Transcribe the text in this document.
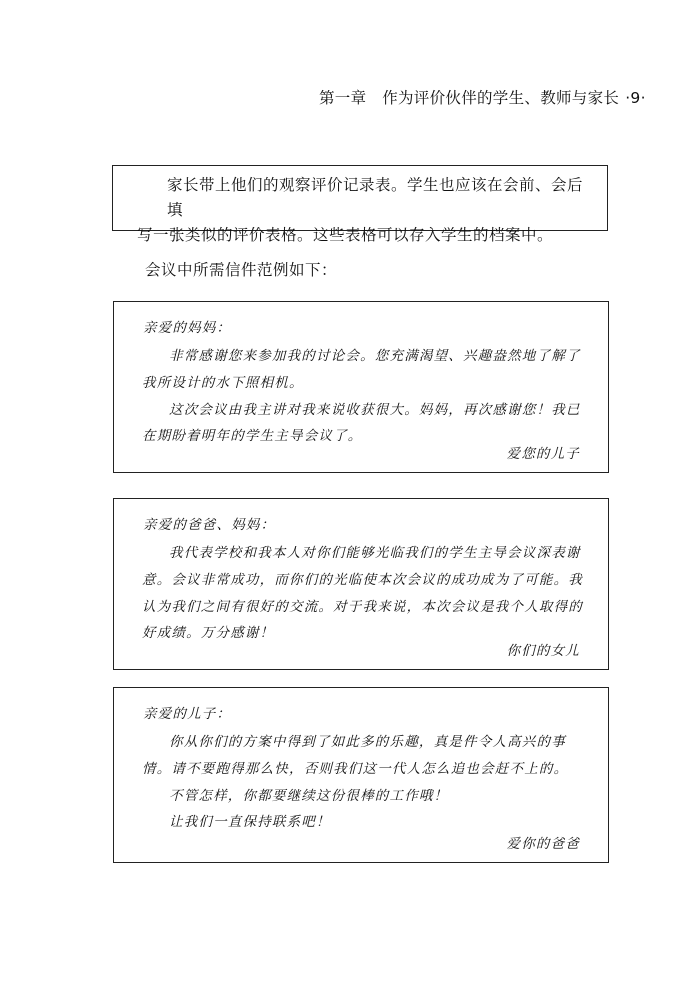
第一章　作为评价伙伴的学生、教师与家长 ·9·

家长带上他们的观察评价记录表。学生也应该在会前、会后填

写一张类似的评价表格。这些表格可以存入学生的档案中。

会议中所需信件范例如下：
亲爱的妈妈：

非常感谢您来参加我的讨论会。您充满渴望、兴趣盎然地了解了我所设计的水下照相机。

这次会议由我主讲对我来说收获很大。妈妈，再次感谢您！我已在期盼着明年的学生主导会议了。

爱您的儿子
亲爱的爸爸、妈妈：

我代表学校和我本人对你们能够光临我们的学生主导会议深表谢意。会议非常成功，而你们的光临使本次会议的成功成为了可能。我认为我们之间有很好的交流。对于我来说，本次会议是我个人取得的好成绩。万分感谢！

你们的女儿
亲爱的儿子：

你从你们的方案中得到了如此多的乐趣，真是件令人高兴的事情。请不要跑得那么快，否则我们这一代人怎么追也会赶不上的。

不管怎样，你都要继续这份很棒的工作哦！

让我们一直保持联系吧！

爱你的爸爸
